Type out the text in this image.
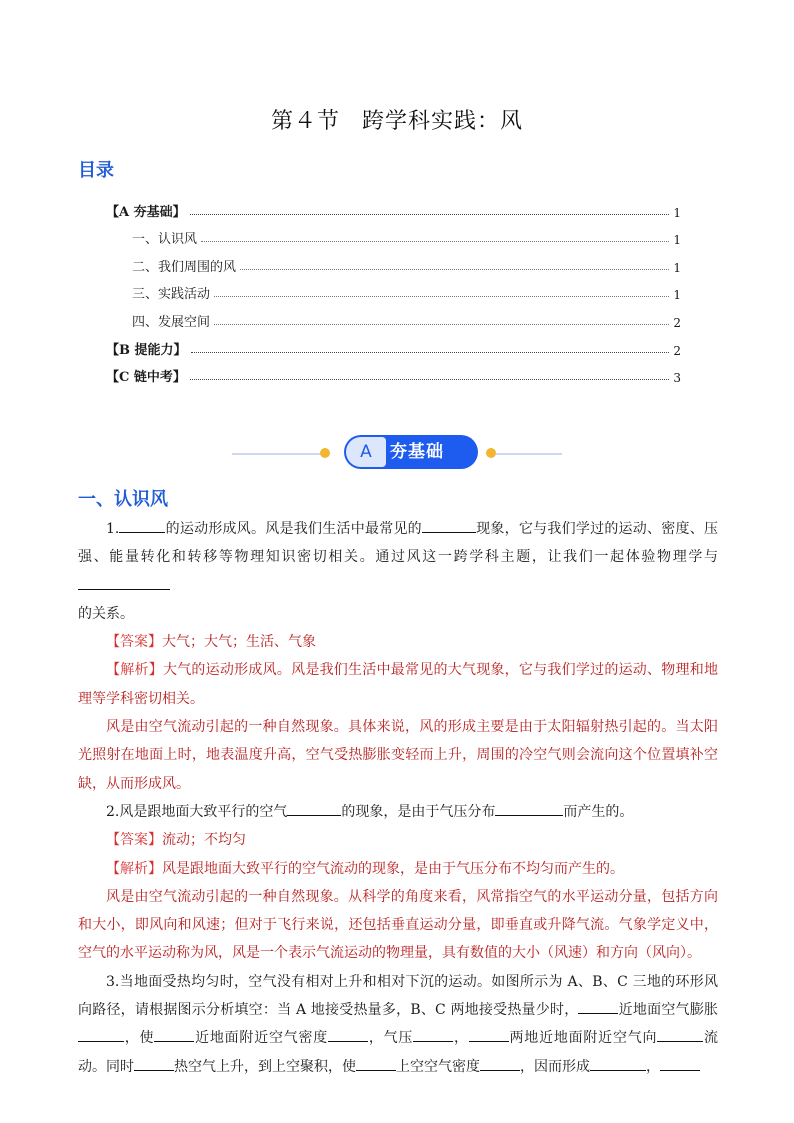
第４节 跨学科实践：风
目录
【A 夯基础】	1
一、认识风	1
二、我们周围的风	1
三、实践活动	1
四、发展空间	2
【B 提能力】	2
【C 链中考】	3
A	夯基础
一、认识风

1.	的运动形成风。风是我们生活中最常见的	现象，它与我们学过的运动、密度、压强、能量转化和转移等物理知识密切相关。通过风这一跨学科主题，让我们一起体验物理学与

的关系。

【答案】大气；大气；生活、气象

【解析】大气的运动形成风。风是我们生活中最常见的大气现象，它与我们学过的运动、物理和地理等学科密切相关。

风是由空气流动引起的一种自然现象。具体来说，风的形成主要是由于太阳辐射热引起的。当太阳光照射在地面上时，地表温度升高，空气受热膨胀变轻而上升，周围的冷空气则会流向这个位置填补空缺，从而形成风。

2.风是跟地面大致平行的空气	的现象，是由于气压分布	而产生的。

【答案】流动；不均匀

【解析】风是跟地面大致平行的空气流动的现象，是由于气压分布不均匀而产生的。

风是由空气流动引起的一种自然现象。从科学的角度来看，风常指空气的水平运动分量，包括方向和大小，即风向和风速；但对于飞行来说，还包括垂直运动分量，即垂直或升降气流。气象学定义中，空气的水平运动称为风，风是一个表示气流运动的物理量，具有数值的大小（风速）和方向（风向）。

3.当地面受热均匀时，空气没有相对上升和相对下沉的运动。如图所示为 A、B、C 三地的环形风向路径，请根据图示分析填空：当 A 地接受热量多，B、C 两地接受热量少时，	近地面空气膨胀，使	近地面附近空气密度	，气压	，	两地近地面附近空气向	流动。同时	热空气上升，到上空聚积，使	上空空气密度	，因而形成	，
